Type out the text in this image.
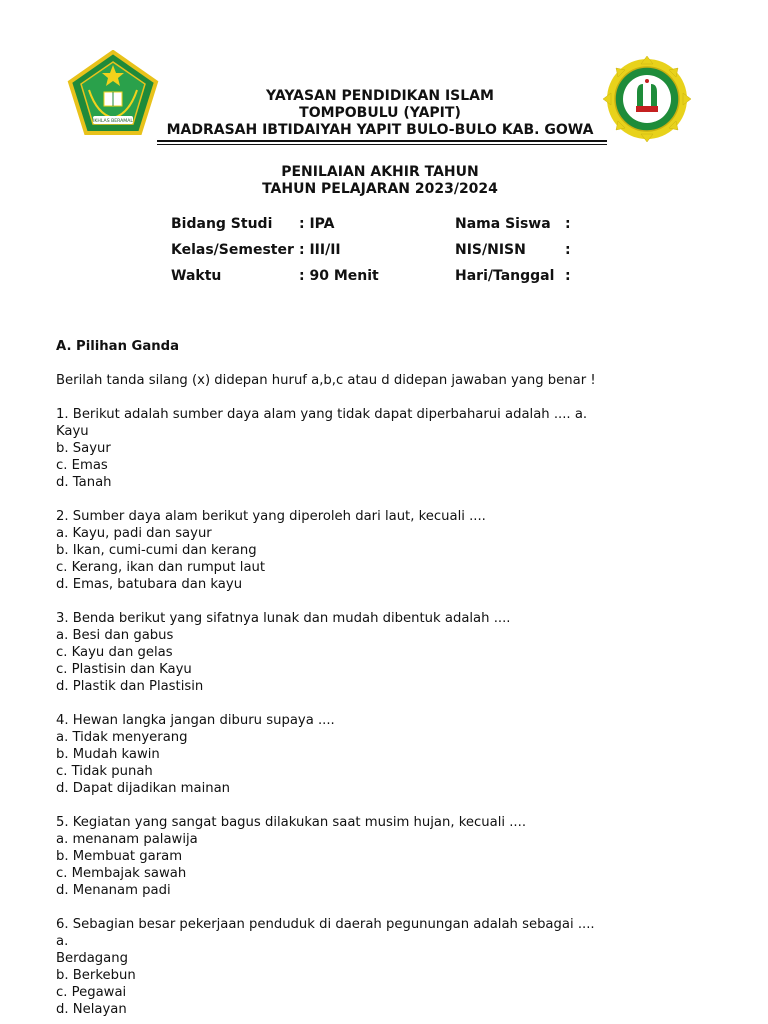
IKHLAS BERAMAL
YAYASAN PENDIDIKAN ISLAM
TOMPOBULU (YAPIT)
MADRASAH IBTIDAIYAH YAPIT BULO-BULO KAB. GOWA
PENILAIAN AKHIR TAHUN
TAHUN PELAJARAN 2023/2024
Bidang Studi : IPA	Nama Siswa :
Kelas/Semester : III/II	NIS/NISN	:
Waktu	: 90 Menit	Hari/Tanggal :
A. Pilihan Ganda
Berilah tanda silang (x) didepan huruf a,b,c atau d didepan jawaban yang benar !
1. Berikut adalah sumber daya alam yang tidak dapat diperbaharui adalah .... a.
Kayu
b. Sayur
c. Emas
d. Tanah
2. Sumber daya alam berikut yang diperoleh dari laut, kecuali ....
a. Kayu, padi dan sayur
b. Ikan, cumi-cumi dan kerang
c. Kerang, ikan dan rumput laut
d. Emas, batubara dan kayu
3. Benda berikut yang sifatnya lunak dan mudah dibentuk adalah ....
a. Besi dan gabus
c. Kayu dan gelas
c. Plastisin dan Kayu
d. Plastik dan Plastisin
4. Hewan langka jangan diburu supaya ....
a. Tidak menyerang
b. Mudah kawin
c. Tidak punah
d. Dapat dijadikan mainan
5. Kegiatan yang sangat bagus dilakukan saat musim hujan, kecuali ....
a. menanam palawija
b. Membuat garam
c. Membajak sawah
d. Menanam padi
6. Sebagian besar pekerjaan penduduk di daerah pegunungan adalah sebagai .... a.
Berdagang
b. Berkebun
c. Pegawai
d. Nelayan
